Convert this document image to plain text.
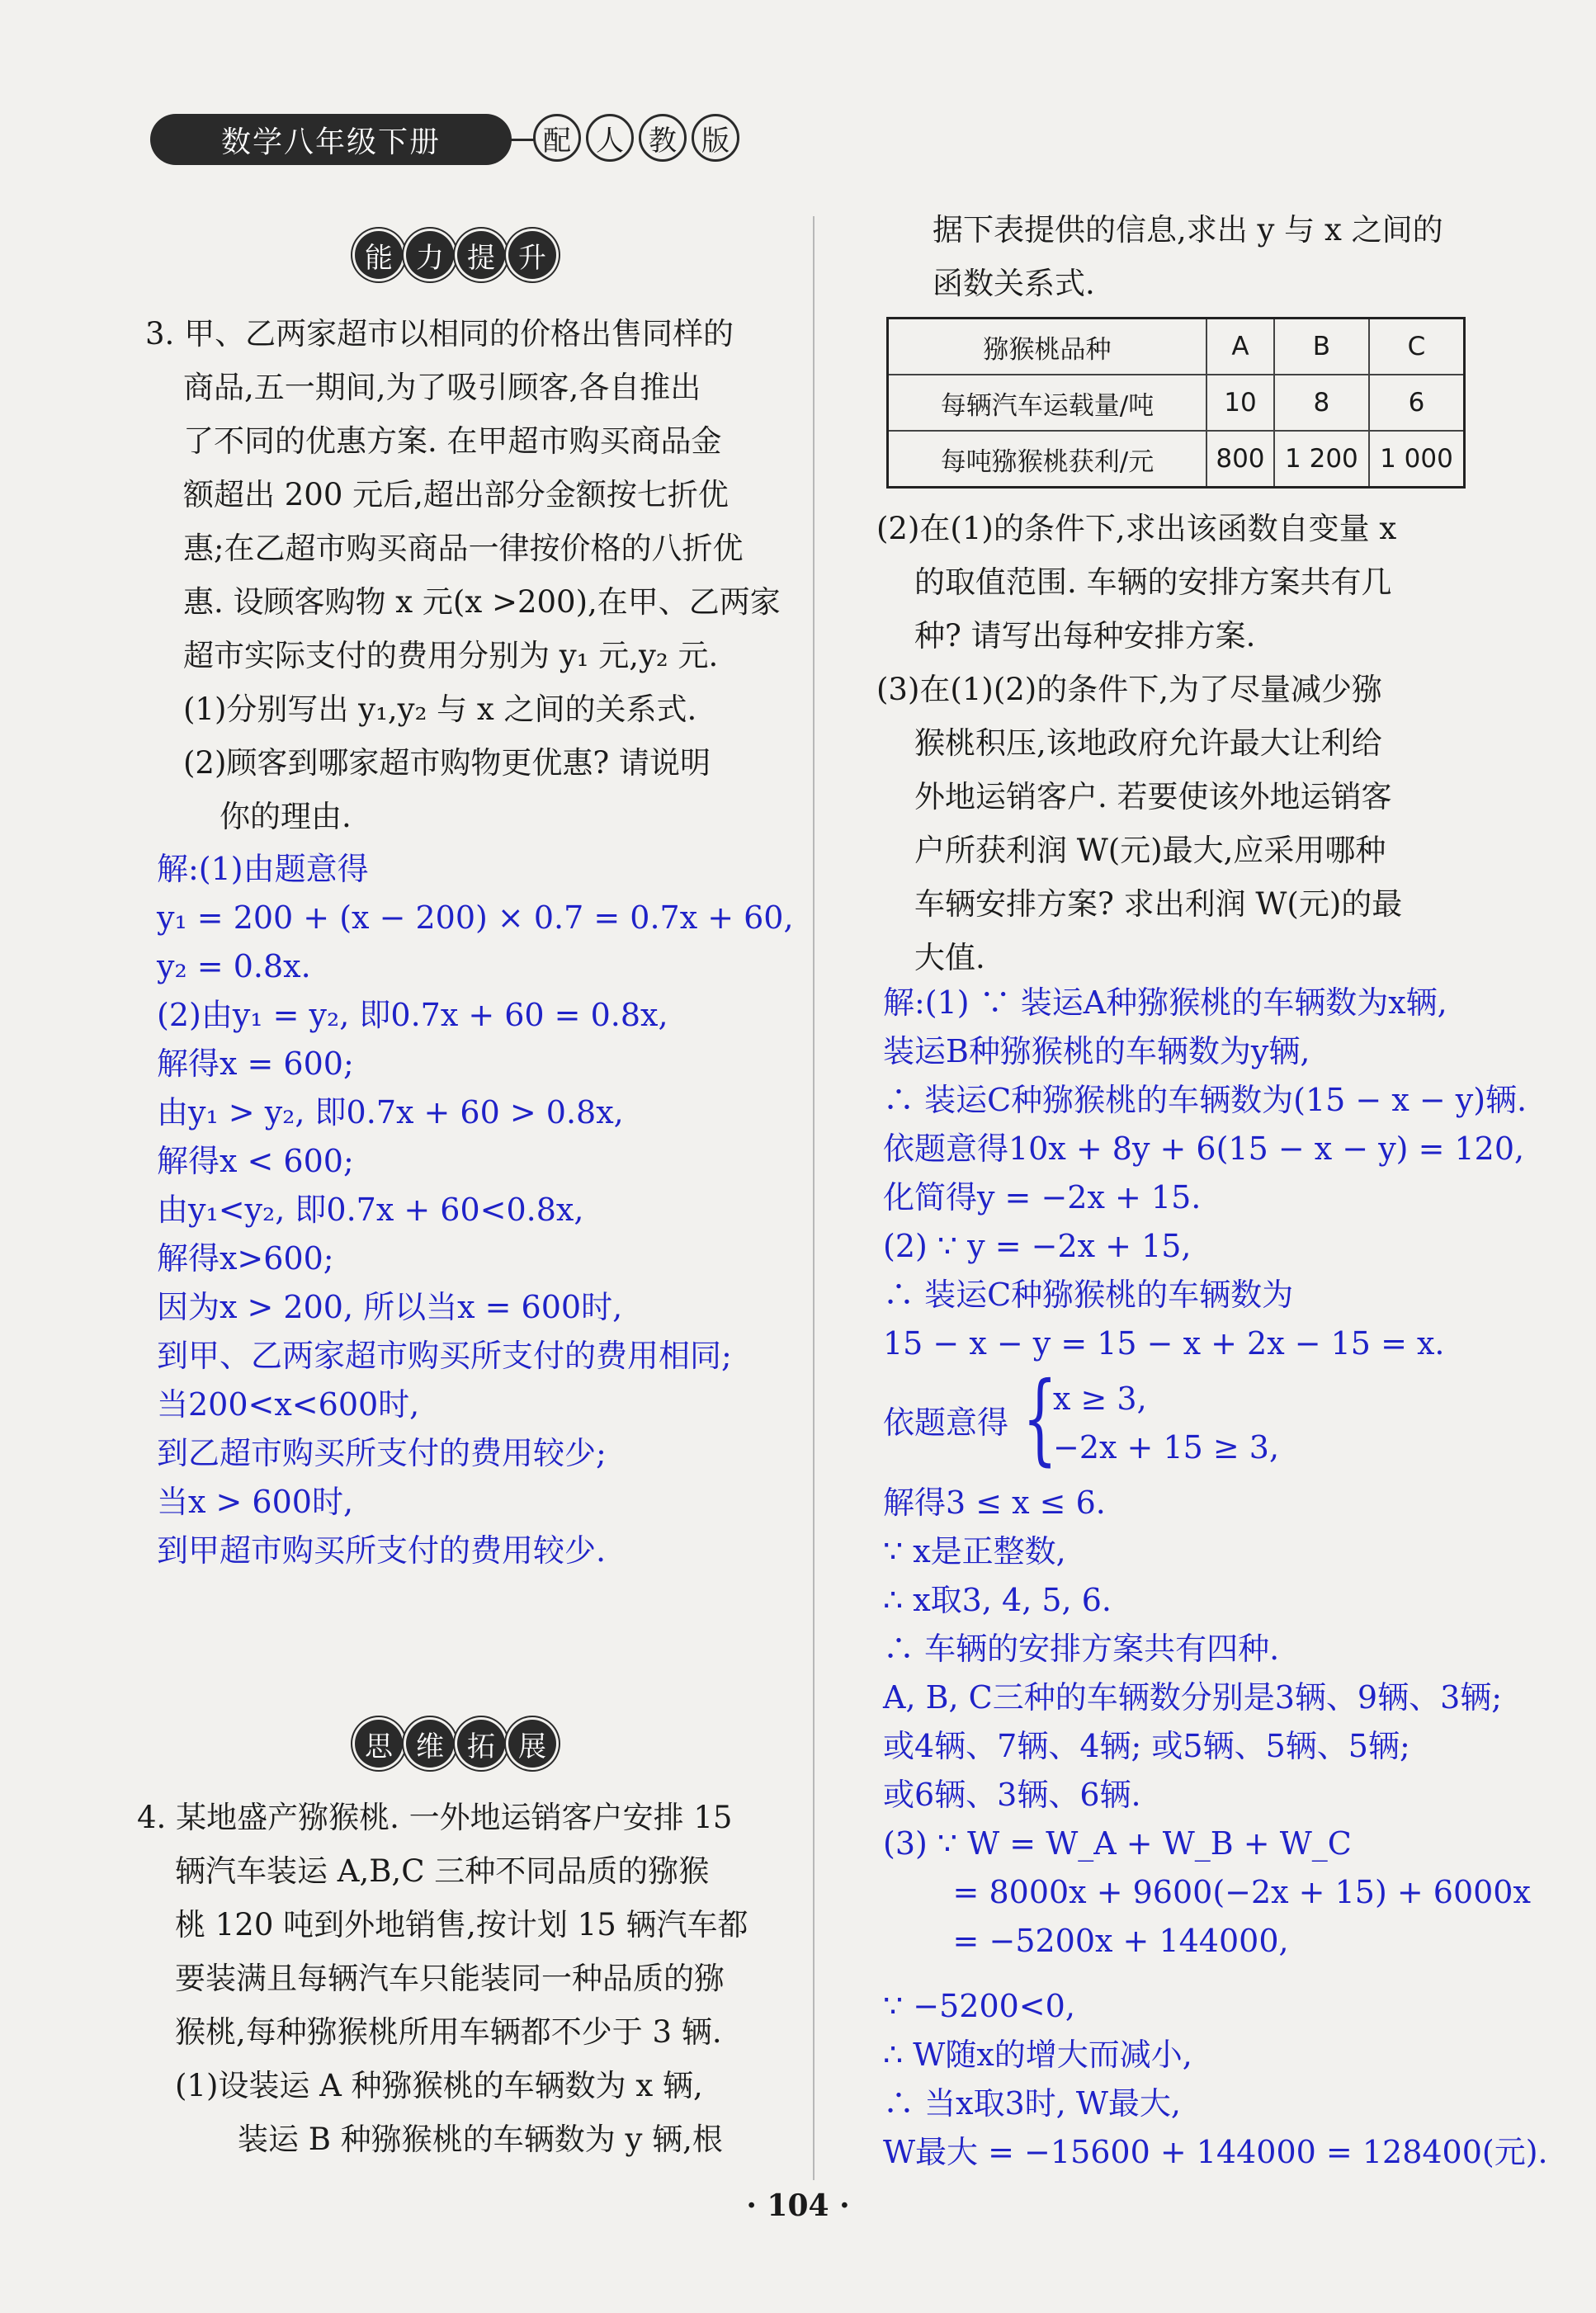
数学八年级下册	配 人 教 版
能 力 提 升

3. 甲、乙两家超市以相同的价格出售同样的

商品,五一期间,为了吸引顾客,各自推出

了不同的优惠方案. 在甲超市购买商品金

额超出 200 元后,超出部分金额按七折优

惠;在乙超市购买商品一律按价格的八折优

惠. 设顾客购物 x 元(x >200),在甲、乙两家

超市实际支付的费用分别为 y₁ 元,y₂ 元.

(1)分别写出 y₁,y₂ 与 x 之间的关系式.

(2)顾客到哪家超市购物更优惠? 请说明

你的理由.

解:(1)由题意得

y₁ = 200 + (x − 200) × 0.7 = 0.7x + 60,

y₂ = 0.8x.

(2)由y₁ = y₂, 即0.7x + 60 = 0.8x,

解得x = 600;

由y₁ > y₂, 即0.7x + 60 > 0.8x,

解得x < 600;

由y₁<y₂, 即0.7x + 60<0.8x,

解得x>600;

因为x > 200, 所以当x = 600时,

到甲、乙两家超市购买所支付的费用相同;

当200<x<600时,

到乙超市购买所支付的费用较少;

当x > 600时,

到甲超市购买所支付的费用较少.

思 维 拓 展

4. 某地盛产猕猴桃. 一外地运销客户安排 15

辆汽车装运 A,B,C 三种不同品质的猕猴

桃 120 吨到外地销售,按计划 15 辆汽车都

要装满且每辆汽车只能装同一种品质的猕

猴桃,每种猕猴桃所用车辆都不少于 3 辆.

(1)设装运 A 种猕猴桃的车辆数为 x 辆,

装运 B 种猕猴桃的车辆数为 y 辆,根

据下表提供的信息,求出 y 与 x 之间的

函数关系式.

猕猴桃品种	A	B	C
每辆汽车运载量/吨	10	8	6
每吨猕猴桃获利/元	800	1 200	1 000

(2)在(1)的条件下,求出该函数自变量 x

的取值范围. 车辆的安排方案共有几

种? 请写出每种安排方案.

(3)在(1)(2)的条件下,为了尽量减少猕

猴桃积压,该地政府允许最大让利给

外地运销客户. 若要使该外地运销客

户所获利润 W(元)最大,应采用哪种

车辆安排方案? 求出利润 W(元)的最

大值.

解:(1) ∵ 装运A种猕猴桃的车辆数为x辆,

装运B种猕猴桃的车辆数为y辆,

∴ 装运C种猕猴桃的车辆数为(15 − x − y)辆.

依题意得10x + 8y + 6(15 − x − y) = 120,

化简得y = −2x + 15.

(2) ∵ y = −2x + 15,

∴ 装运C种猕猴桃的车辆数为

15 − x − y = 15 − x + 2x − 15 = x.

依题意得 {

x ≥ 3,

−2x + 15 ≥ 3,

解得3 ≤ x ≤ 6.

∵ x是正整数,

∴ x取3, 4, 5, 6.

∴ 车辆的安排方案共有四种.

A, B, C三种的车辆数分别是3辆、9辆、3辆;

或4辆、7辆、4辆; 或5辆、5辆、5辆;

或6辆、3辆、6辆.

(3) ∵ W = W_A + W_B + W_C

= 8000x + 9600(−2x + 15) + 6000x

= −5200x + 144000,

∵ −5200<0,

∴ W随x的增大而减小,

∴ 当x取3时, W最大,

W最大 = −15600 + 144000 = 128400(元).

· 104 ·
